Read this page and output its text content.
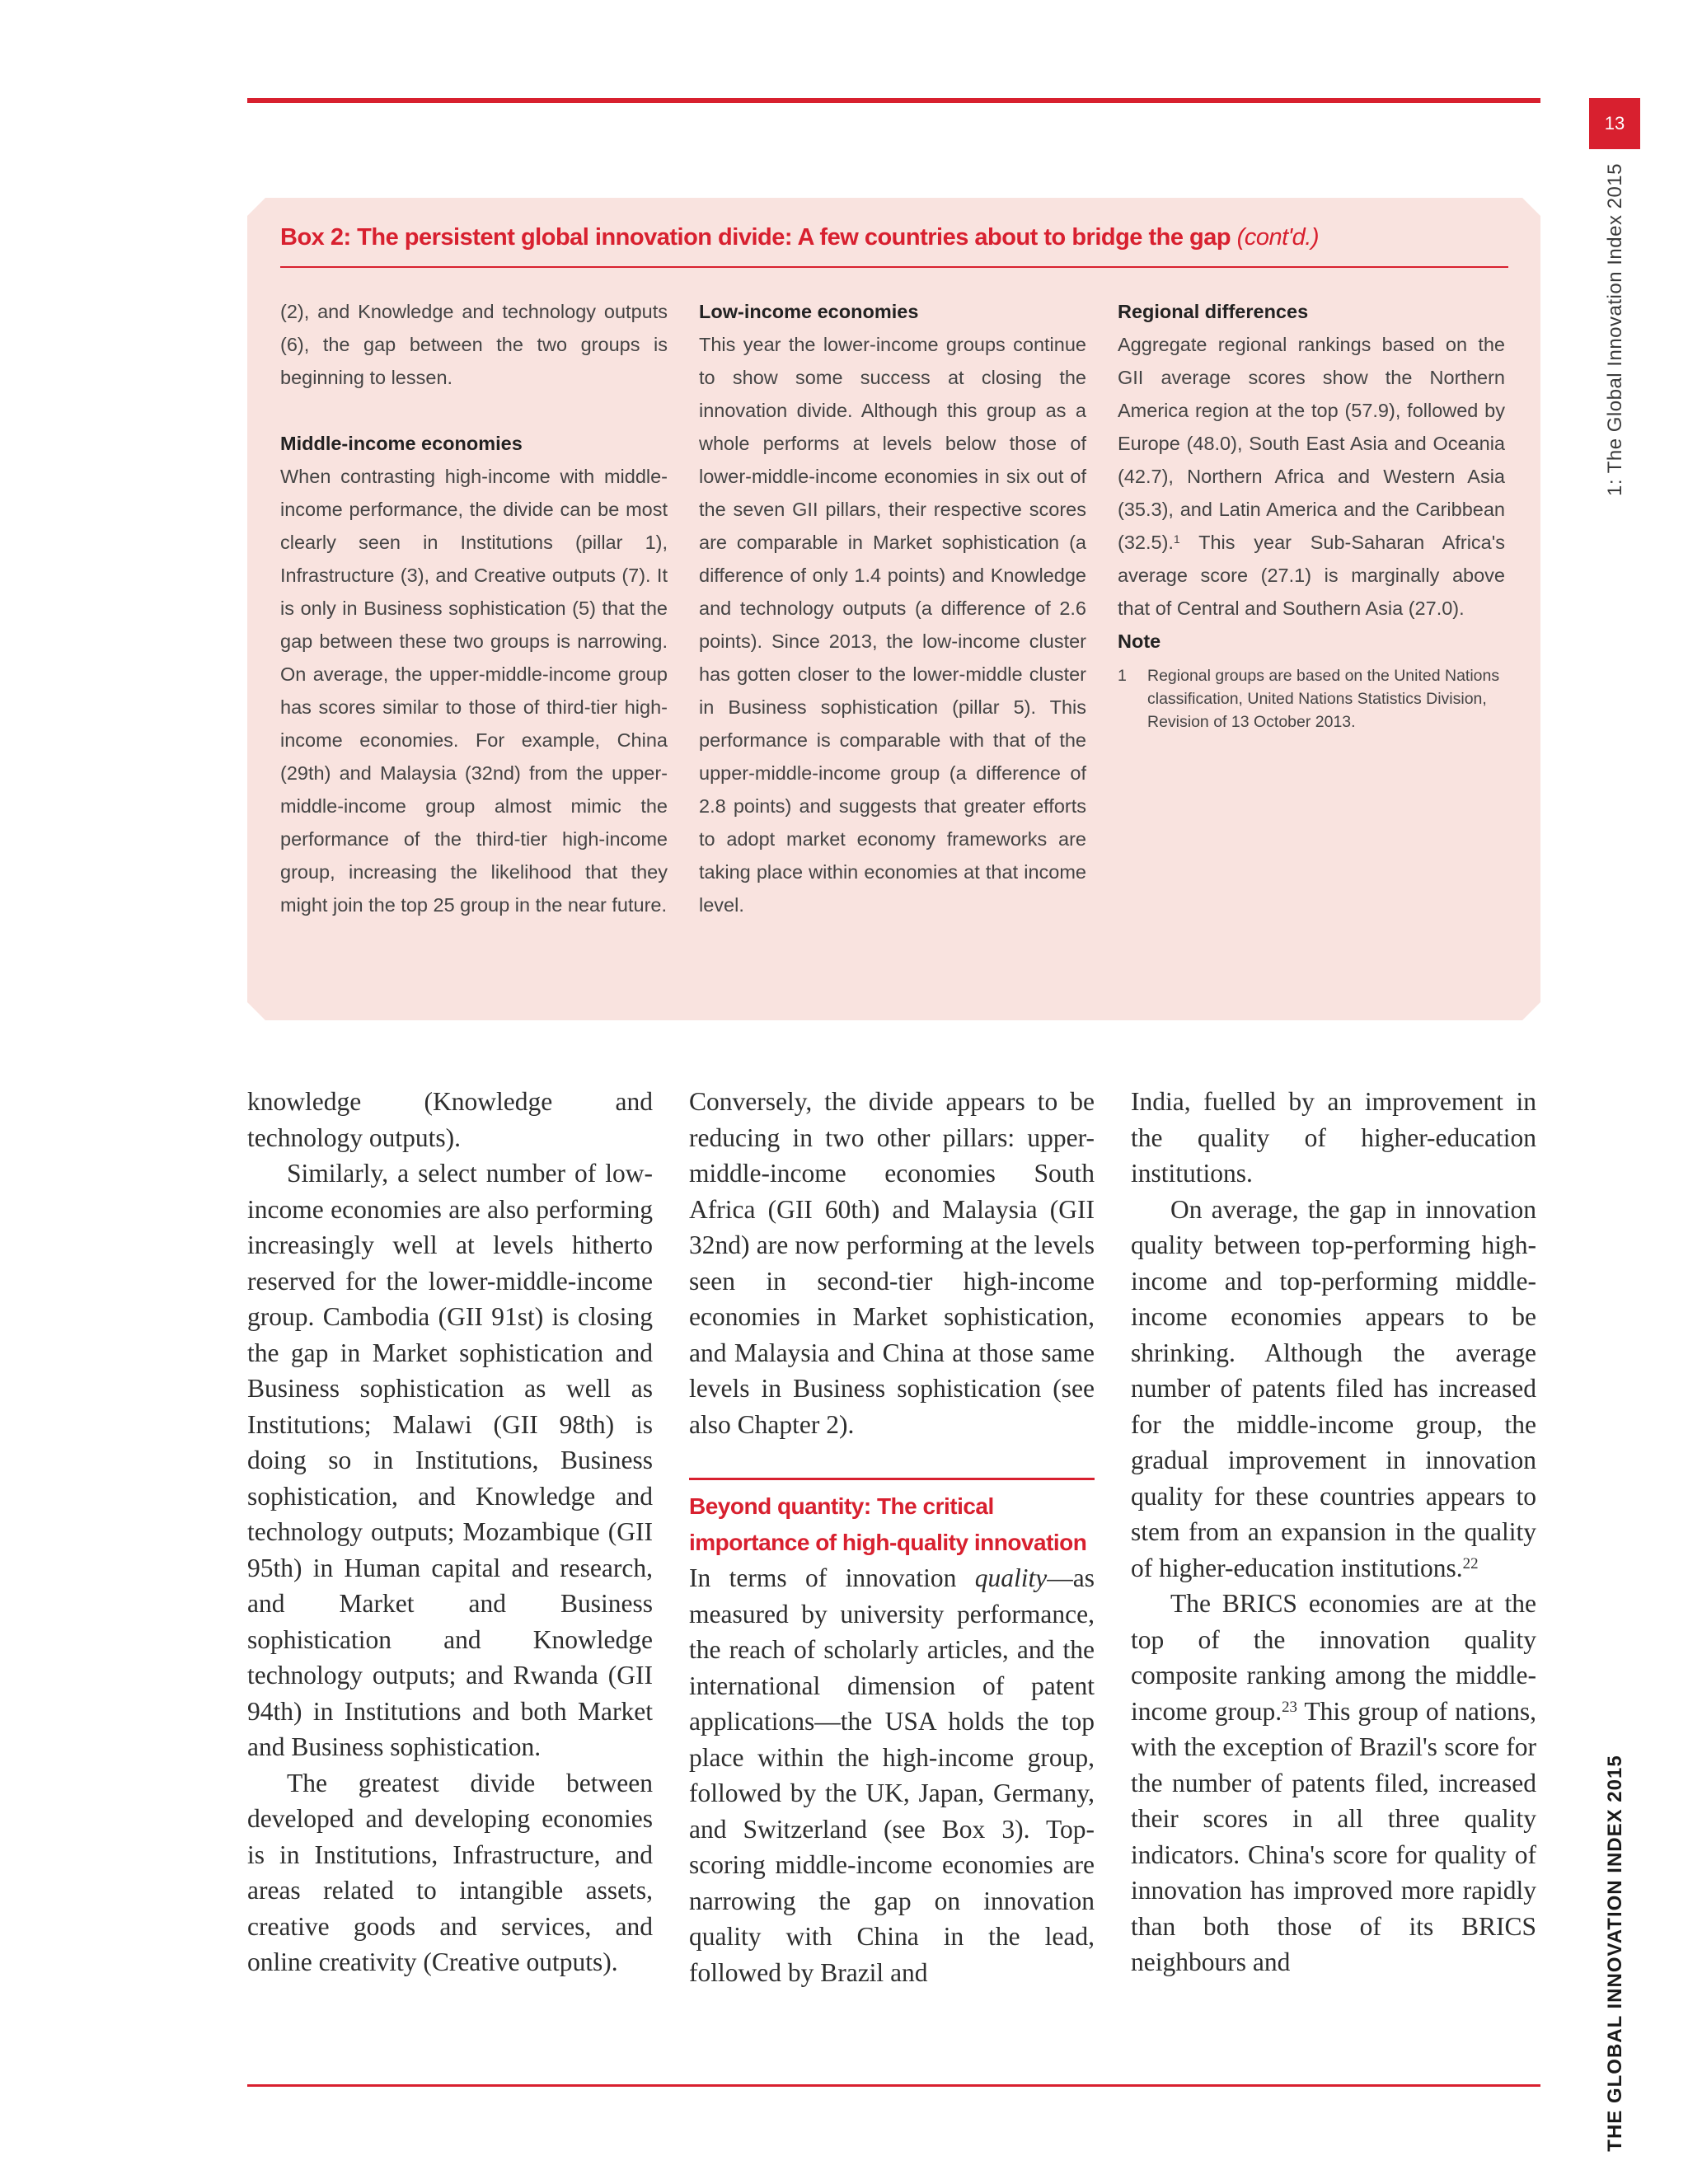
13
1: The Global Innovation Index 2015
THE GLOBAL INNOVATION INDEX 2015
Box 2: The persistent global innovation divide: A few countries about to bridge the gap (cont'd.)

(2), and Knowledge and technology outputs (6), the gap between the two groups is beginning to lessen.

Middle-income economies

When contrasting high-income with middle-income performance, the divide can be most clearly seen in Institutions (pillar 1), Infrastructure (3), and Creative outputs (7). It is only in Business sophistication (5) that the gap between these two groups is narrowing. On average, the upper-middle-income group has scores similar to those of third-tier high-income economies. For example, China (29th) and Malaysia (32nd) from the upper-middle-income group almost mimic the performance of the third-tier high-income group, increasing the likelihood that they might join the top 25 group in the near future.

Low-income economies

This year the lower-income groups continue to show some success at closing the innovation divide. Although this group as a whole performs at levels below those of lower-middle-income economies in six out of the seven GII pillars, their respective scores are comparable in Market sophistication (a difference of only 1.4 points) and Knowledge and technology outputs (a difference of 2.6 points). Since 2013, the low-income cluster has gotten closer to the lower-middle cluster in Business sophistication (pillar 5). This performance is comparable with that of the upper-middle-income group (a difference of 2.8 points) and suggests that greater efforts to adopt market economy frameworks are taking place within economies at that income level.

Regional differences

Aggregate regional rankings based on the GII average scores show the Northern America region at the top (57.9), followed by Europe (48.0), South East Asia and Oceania (42.7), Northern Africa and Western Asia (35.3), and Latin America and the Caribbean (32.5).$^1$ This year Sub-Saharan Africa's average score (27.1) is marginally above that of Central and Southern Asia (27.0).

Note

1	Regional groups are based on the United Nations classification, United Nations Statistics Division, Revision of 13 October 2013.

knowledge (Knowledge and technology outputs).

Similarly, a select number of low-income economies are also performing increasingly well at levels hitherto reserved for the lower-middle-income group. Cambodia (GII 91st) is closing the gap in Market sophistication and Business sophistication as well as Institutions; Malawi (GII 98th) is doing so in Institutions, Business sophistication, and Knowledge and technology outputs; Mozambique (GII 95th) in Human capital and research, and Market and Business sophistication and Knowledge technology outputs; and Rwanda (GII 94th) in Institutions and both Market and Business sophistication.

The greatest divide between developed and developing economies is in Institutions, Infrastructure, and areas related to intangible assets, creative goods and services, and online creativity (Creative outputs).

Conversely, the divide appears to be reducing in two other pillars: upper-middle-income economies South Africa (GII 60th) and Malaysia (GII 32nd) are now performing at the levels seen in second-tier high-income economies in Market sophistication, and Malaysia and China at those same levels in Business sophistication (see also Chapter 2).

Beyond quantity: The critical importance of high-quality innovation

In terms of innovation quality—as measured by university performance, the reach of scholarly articles, and the international dimension of patent applications—the USA holds the top place within the high-income group, followed by the UK, Japan, Germany, and Switzerland (see Box 3). Top-scoring middle-income economies are narrowing the gap on innovation quality with China in the lead, followed by Brazil and

India, fuelled by an improvement in the quality of higher-education institutions.

On average, the gap in innovation quality between top-performing high-income and top-performing middle-income economies appears to be shrinking. Although the average number of patents filed has increased for the middle-income group, the gradual improvement in innovation quality for these countries appears to stem from an expansion in the quality of higher-education institutions.$^{22}$

The BRICS economies are at the top of the innovation quality composite ranking among the middle-income group.$^{23}$ This group of nations, with the exception of Brazil's score for the number of patents filed, increased their scores in all three quality indicators. China's score for quality of innovation has improved more rapidly than both those of its BRICS neighbours and
